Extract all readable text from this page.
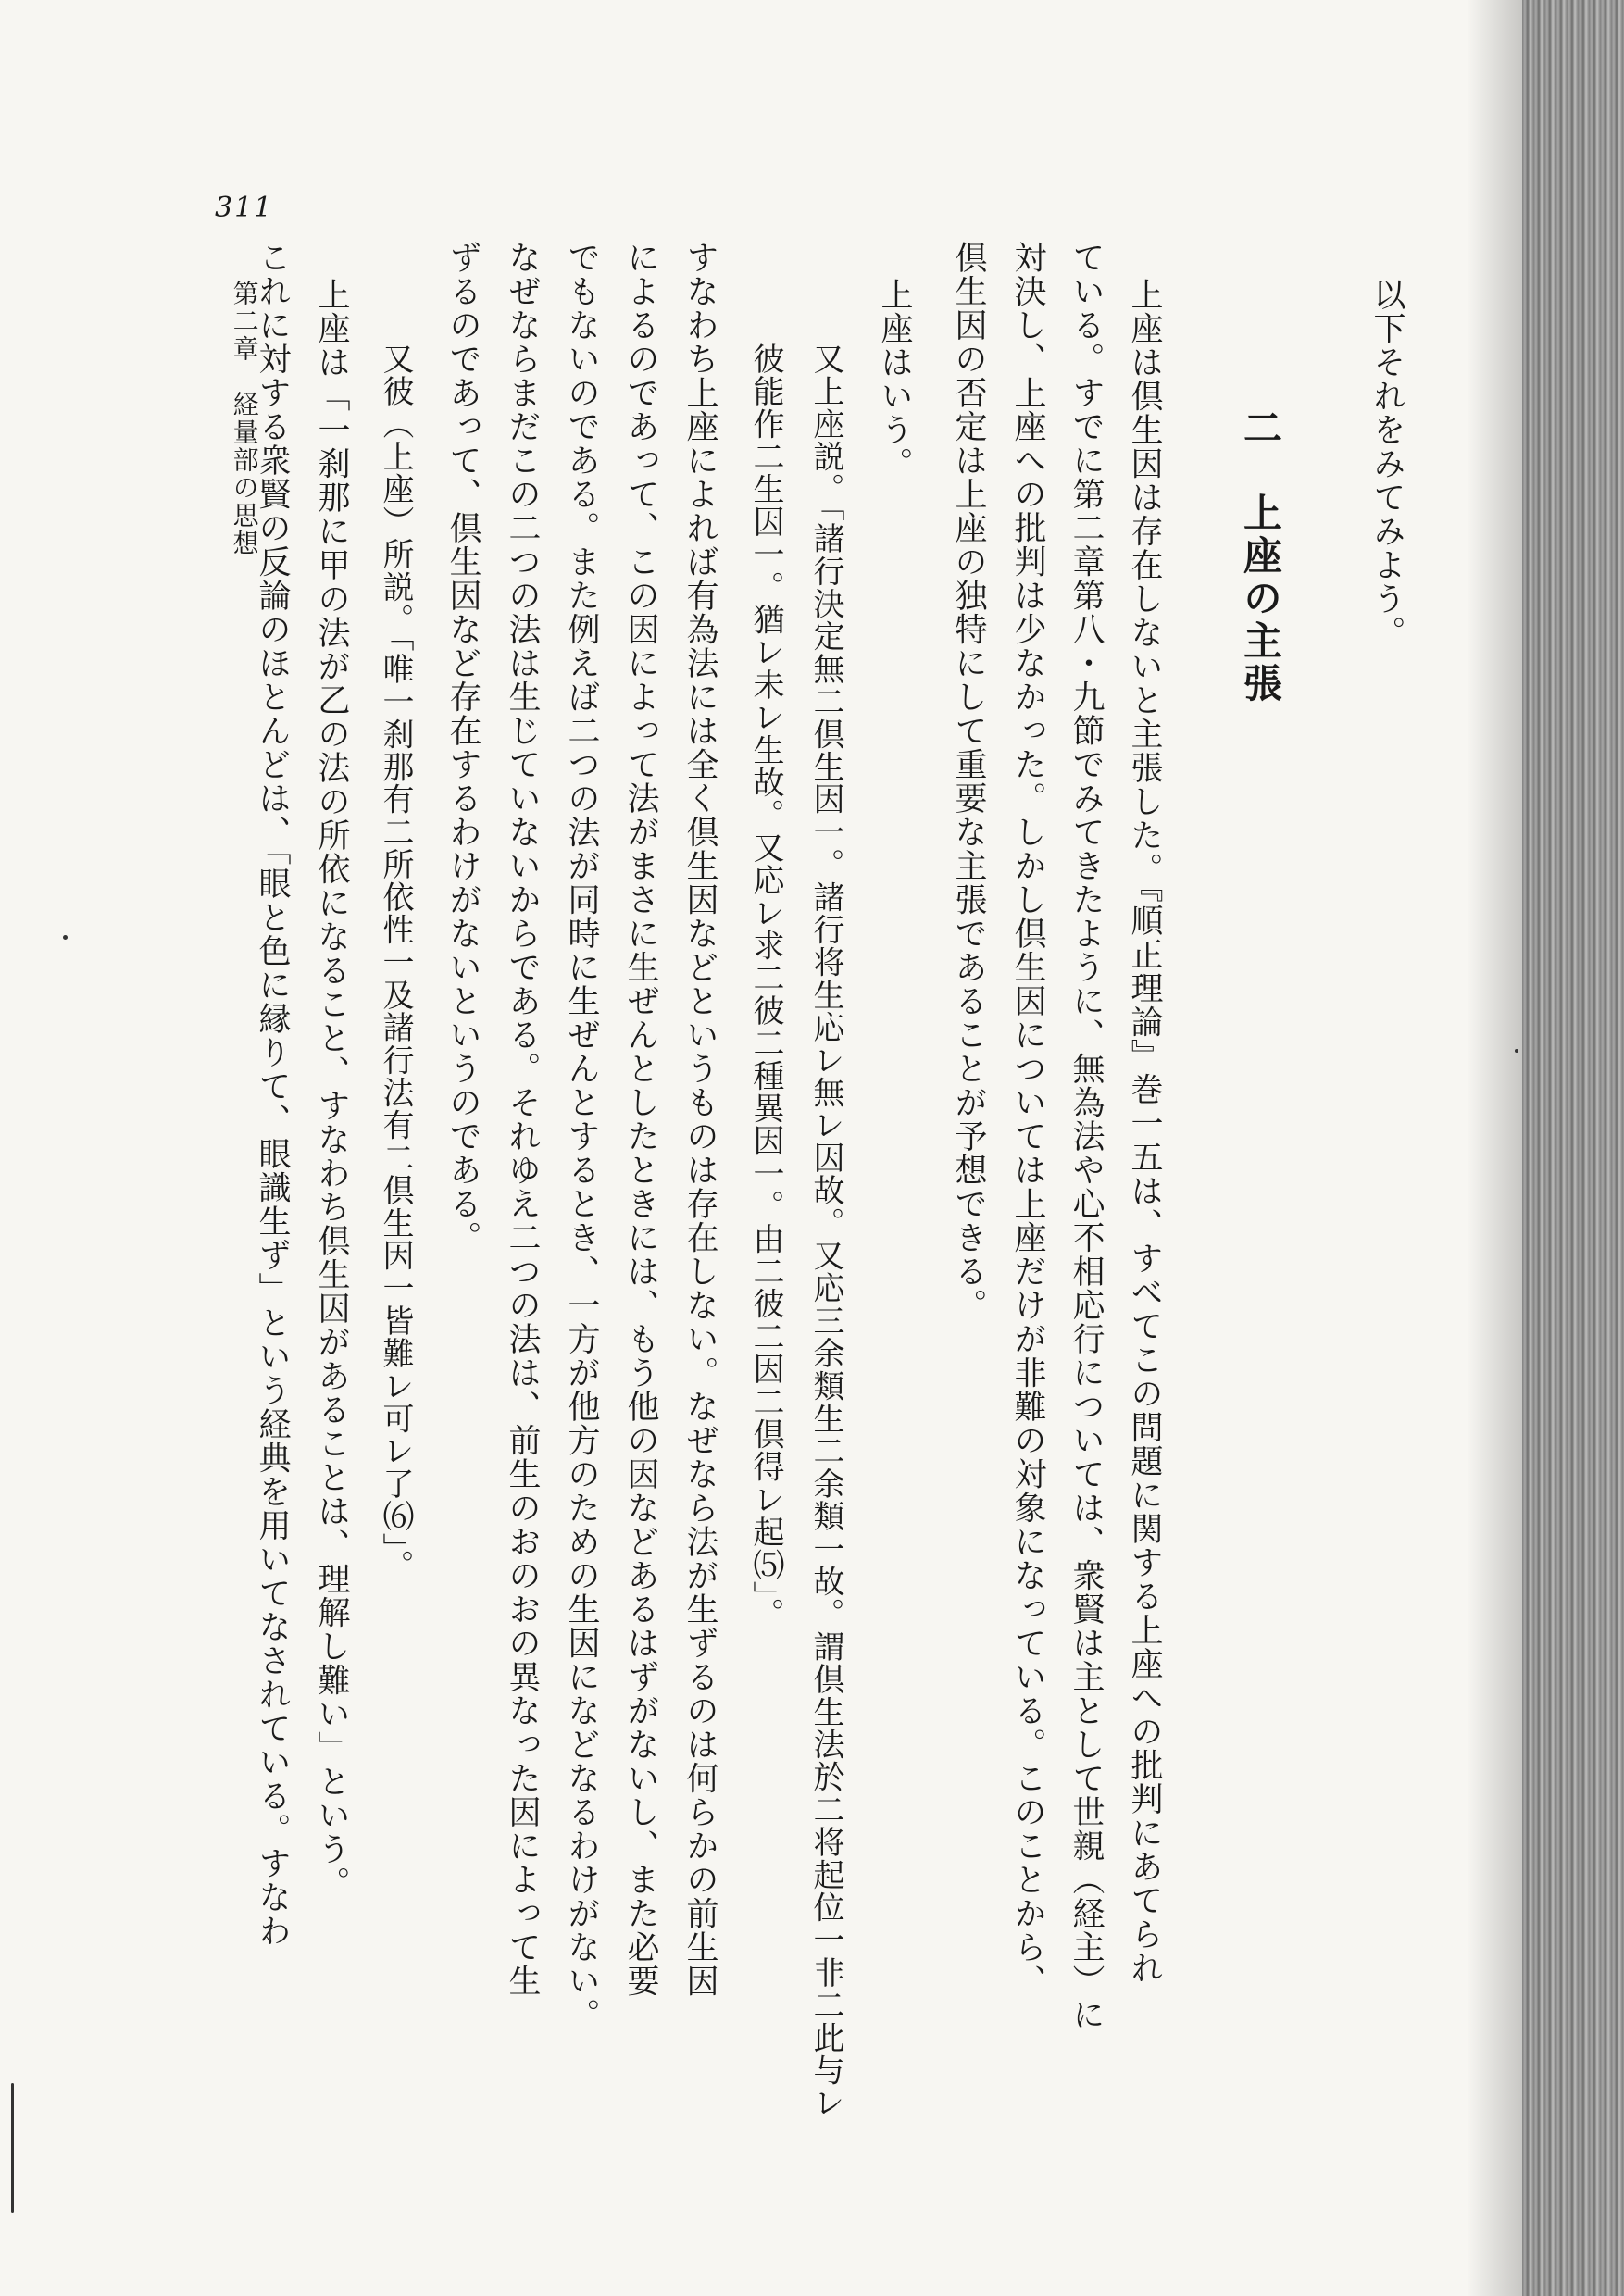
311  第二章　経量部の思想	以下それをみてみよう。
二　上座の主張
上座は倶生因は存在しないと主張した。『順正理論』巻一五は、すべてこの問題に関する上座への批判にあてられ
ている。すでに第二章第八・九節でみてきたように、無為法や心不相応行については、衆賢は主として世親（経主）に
対決し、上座への批判は少なかった。しかし倶生因については上座だけが非難の対象になっている。このことから、
倶生因の否定は上座の独特にして重要な主張であることが予想できる。
上座はいう。
又上座説。「諸行決定無二倶生因一。諸行将生応レ無レ因故。又応三余類生二余類一故。謂倶生法於二将起位一非二此与レ
彼能作二生因一。猶レ未レ生故。又応レ求二彼二種異因一。由二彼二因二倶得レ起⑸」。
すなわち上座によれば有為法には全く倶生因などというものは存在しない。なぜなら法が生ずるのは何らかの前生因
によるのであって、この因によって法がまさに生ぜんとしたときには、もう他の因などあるはずがないし、また必要
でもないのである。また例えば二つの法が同時に生ぜんとするとき、一方が他方のための生因になどなるわけがない。
なぜならまだこの二つの法は生じていないからである。それゆえ二つの法は、前生のおのおの異なった因によって生
ずるのであって、倶生因など存在するわけがないというのである。
又彼（上座）所説。「唯一刹那有二所依性一及諸行法有二倶生因一皆難レ可レ了⑹」。
上座は「一刹那に甲の法が乙の法の所依になること、すなわち倶生因があることは、理解し難い」という。
これに対する衆賢の反論のほとんどは、「眼と色に縁りて、眼識生ず」という経典を用いてなされている。すなわ
